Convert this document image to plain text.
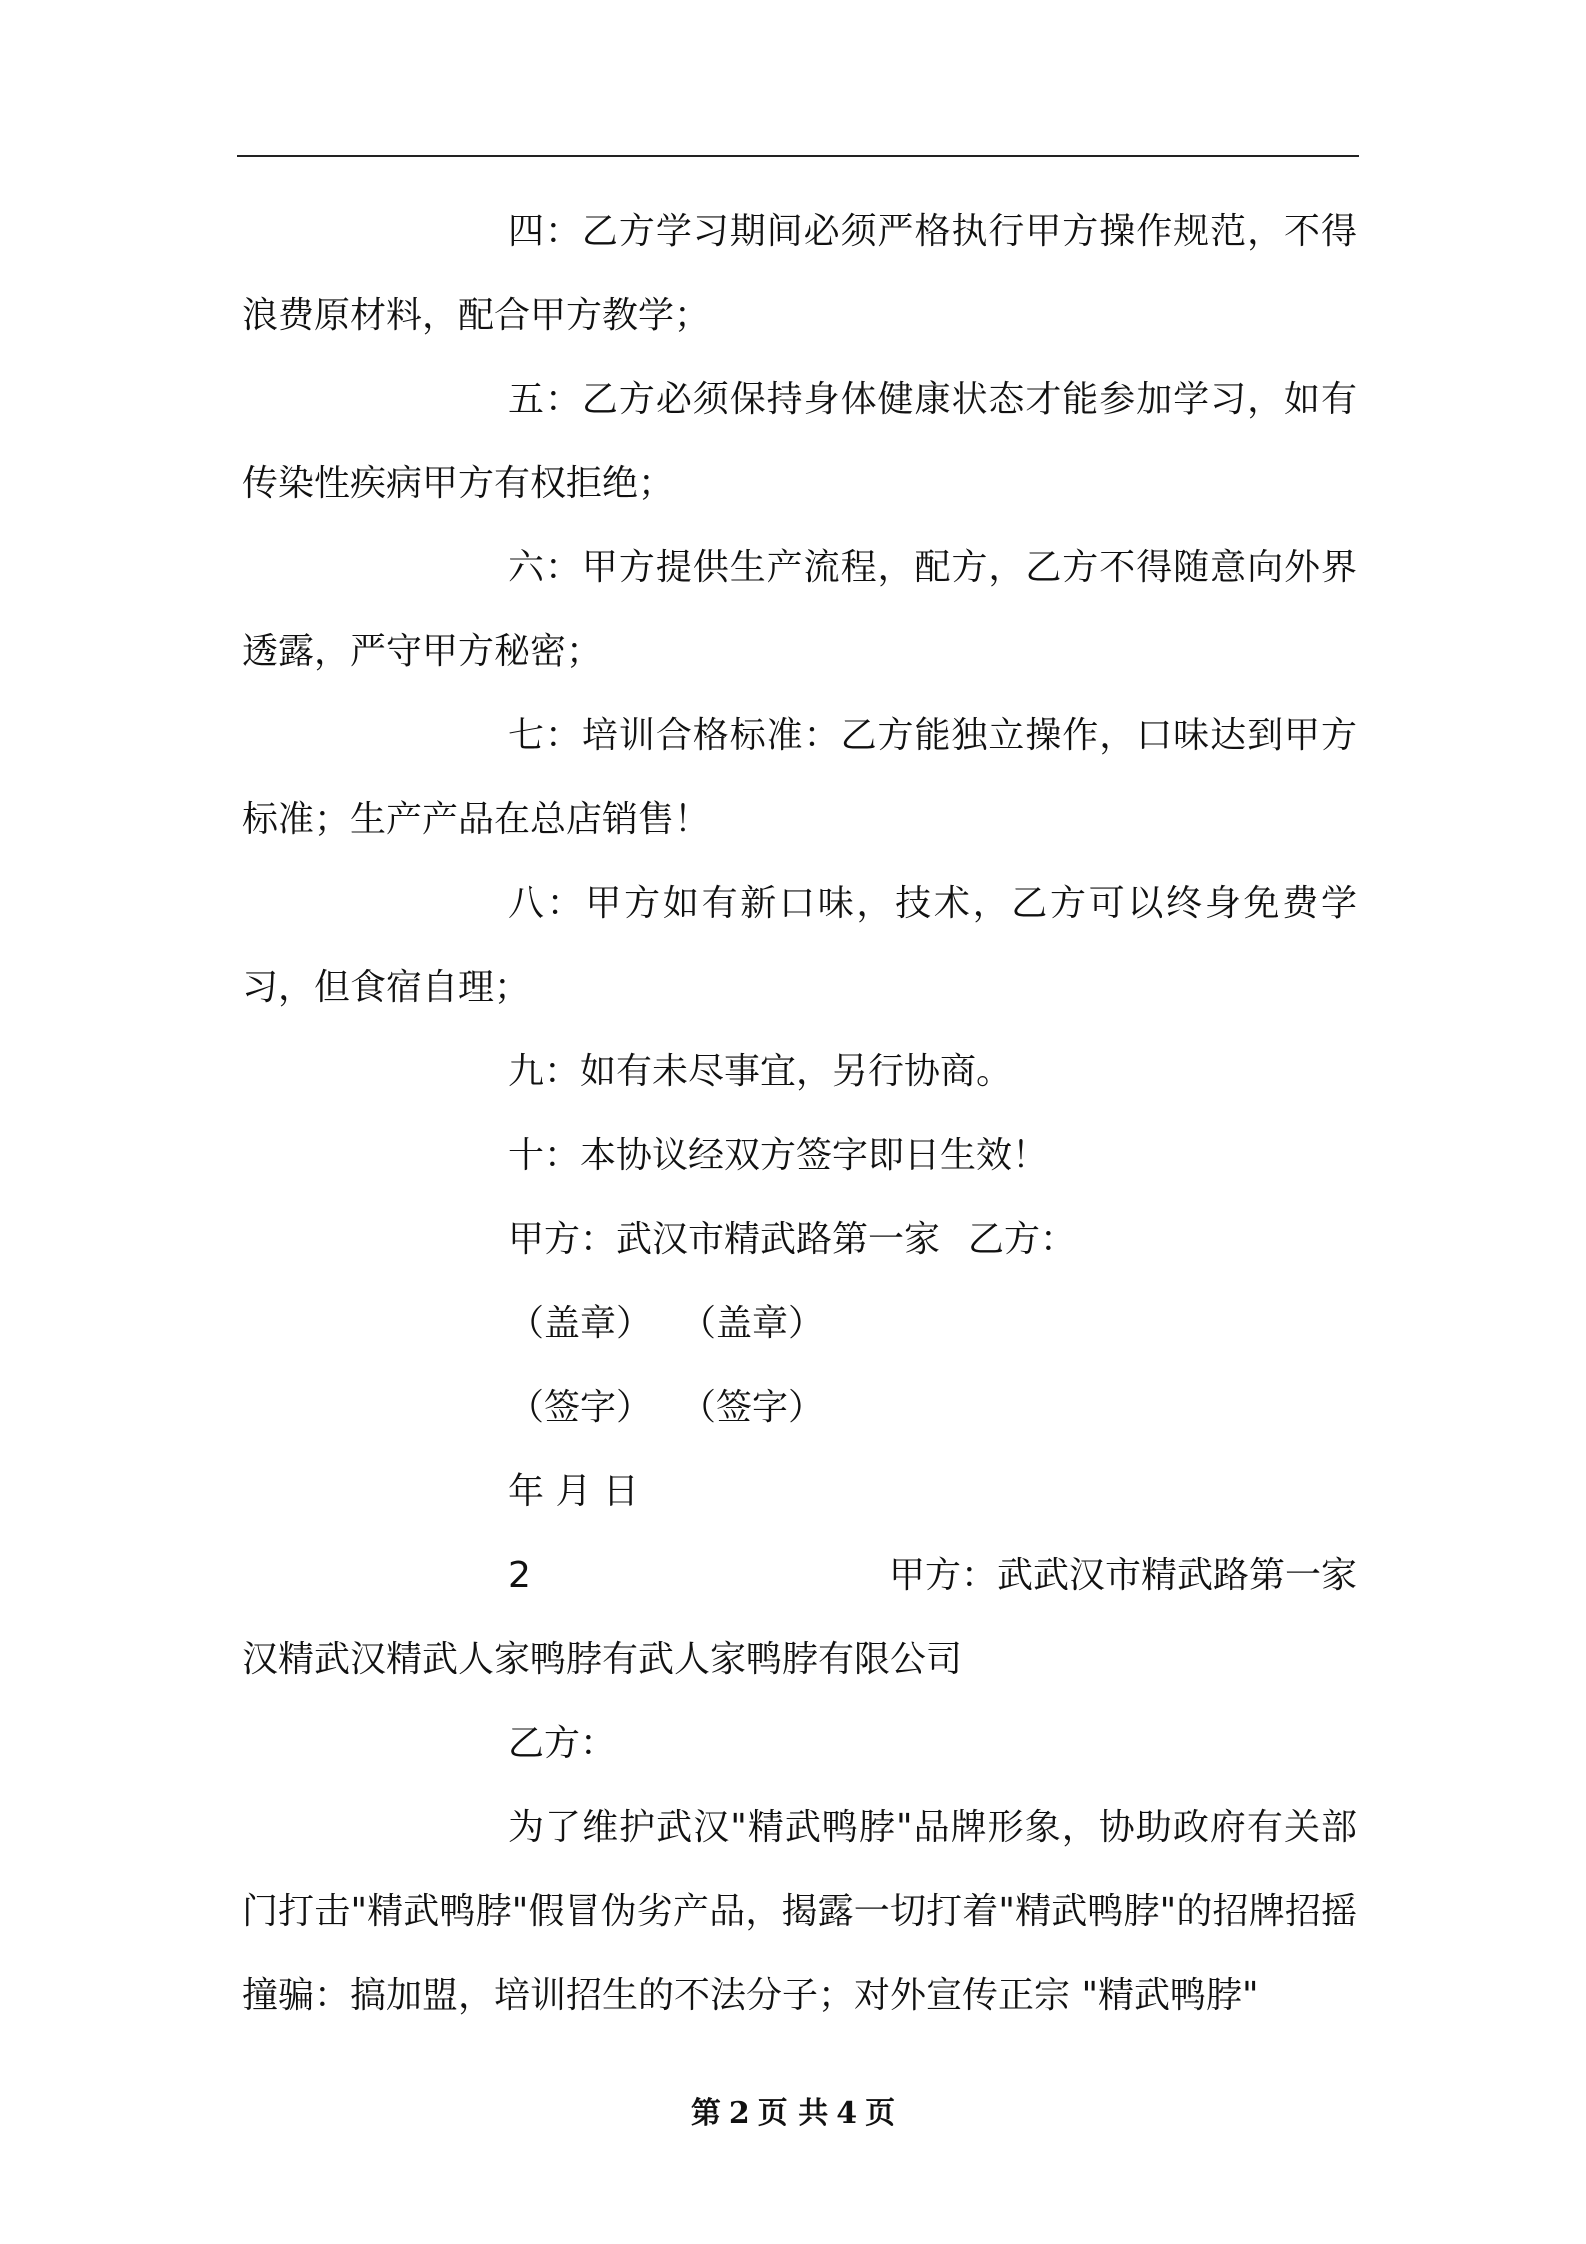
四：乙方学习期间必须严格执行甲方操作规范，不得浪费原材料，配合甲方教学；

五：乙方必须保持身体健康状态才能参加学习，如有传染性疾病甲方有权拒绝；

六：甲方提供生产流程，配方，乙方不得随意向外界透露，严守甲方秘密；

七：培训合格标准：乙方能独立操作，口味达到甲方标准；生产产品在总店销售！

八：甲方如有新口味，技术，乙方可以终身免费学习，但食宿自理；

九：如有未尽事宜，另行协商。

十：本协议经双方签字即日生效！

甲方：武汉市精武路第一家 乙方：

（盖章） （盖章）

（签字） （签字）

年 月 日

2	甲方：武武汉市精武路第一家

汉精武汉精武人家鸭脖有武人家鸭脖有限公司

乙方：

为了维护武汉"精武鸭脖"品牌形象，协助政府有关部门打击"精武鸭脖"假冒伪劣产品，揭露一切打着"精武鸭脖"的招牌招摇撞骗：搞加盟，培训招生的不法分子；对外宣传正宗 "精武鸭脖"

第 2 页 共 4 页
